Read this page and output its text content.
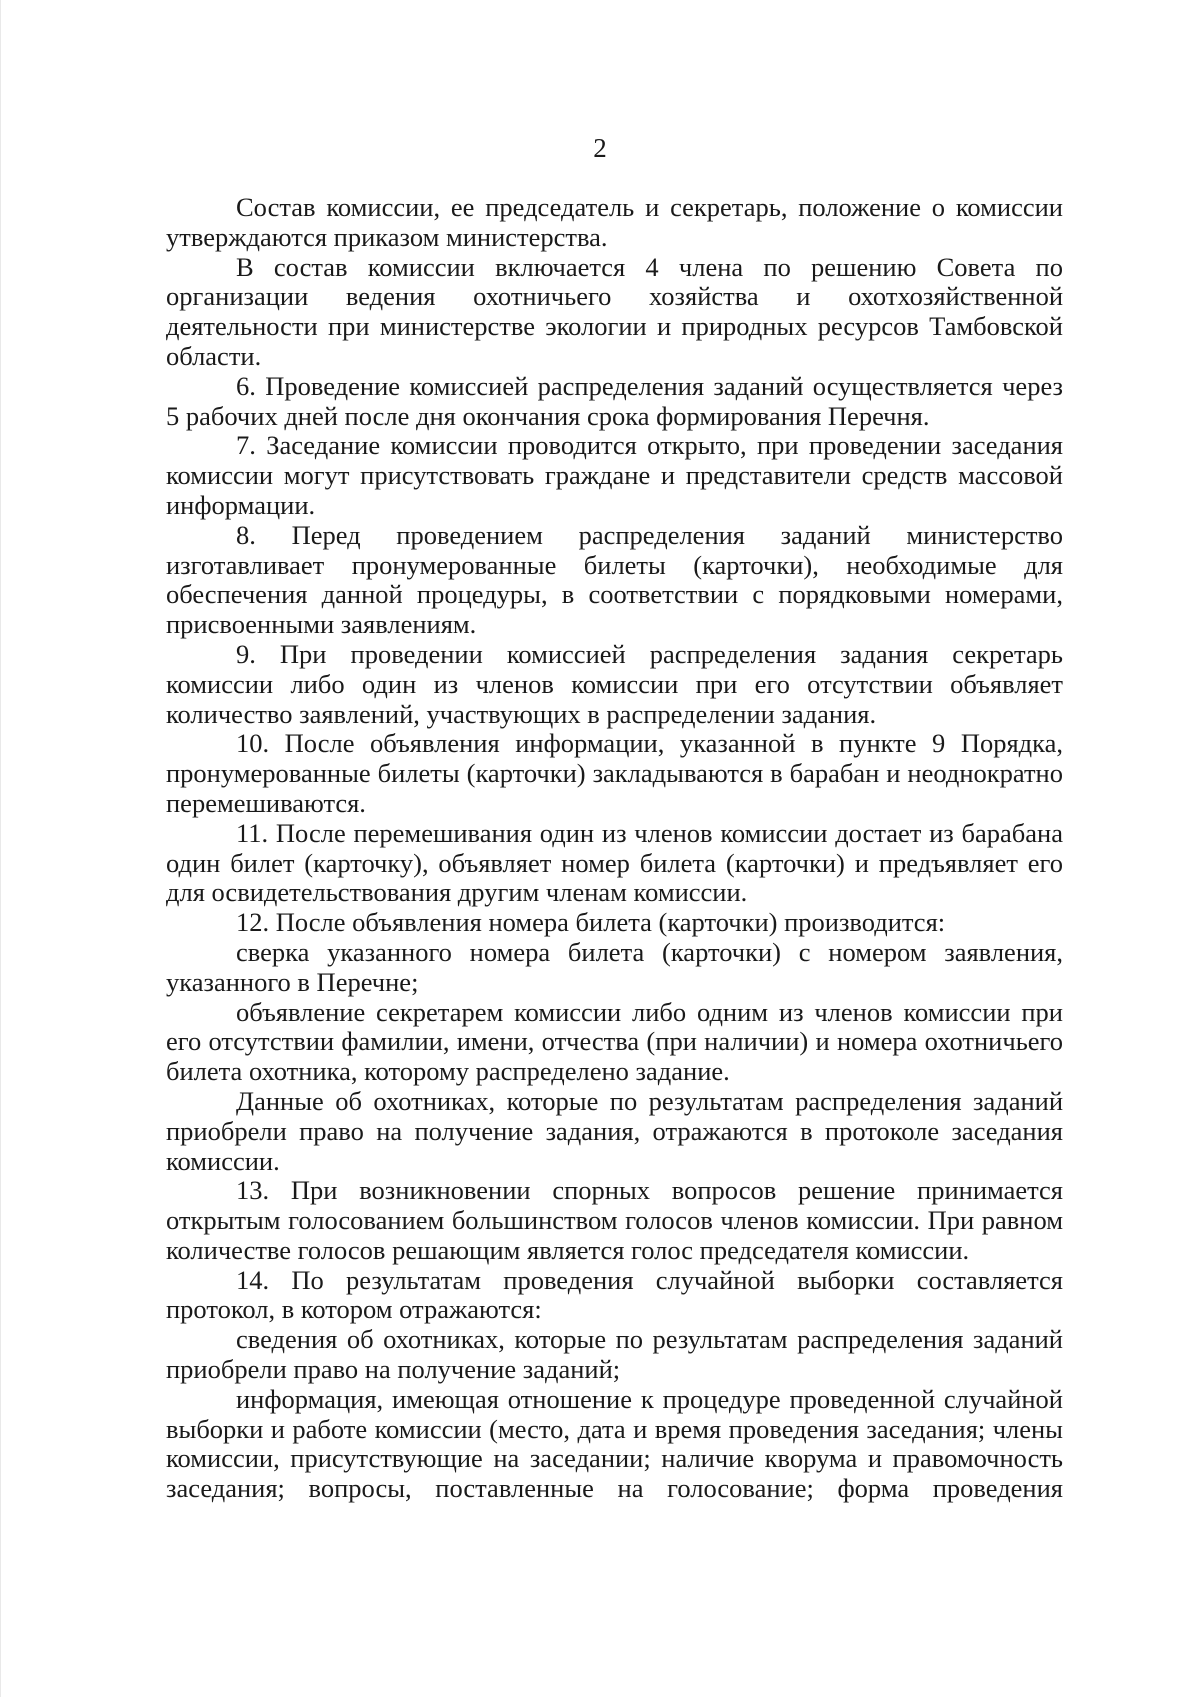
2

Состав комиссии, ее председатель и секретарь, положение о комиссии утверждаются приказом министерства.

В состав комиссии включается 4 члена по решению Совета по организации ведения охотничьего хозяйства и охотхозяйственной деятельности при министерстве экологии и природных ресурсов Тамбовской области.

6. Проведение комиссией распределения заданий осуществляется через 5 рабочих дней после дня окончания срока формирования Перечня.

7. Заседание комиссии проводится открыто, при проведении заседания комиссии могут присутствовать граждане и представители средств массовой информации.

8. Перед проведением распределения заданий министерство изготавливает пронумерованные билеты (карточки), необходимые для обеспечения данной процедуры, в соответствии с порядковыми номерами, присвоенными заявлениям.

9. При проведении комиссией распределения задания секретарь комиссии либо один из членов комиссии при его отсутствии объявляет количество заявлений, участвующих в распределении задания.

10. После объявления информации, указанной в пункте 9 Порядка, пронумерованные билеты (карточки) закладываются в барабан и неоднократно перемешиваются.

11. После перемешивания один из членов комиссии достает из барабана один билет (карточку), объявляет номер билета (карточки) и предъявляет его для освидетельствования другим членам комиссии.

12. После объявления номера билета (карточки) производится:

сверка указанного номера билета (карточки) с номером заявления, указанного в Перечне;

объявление секретарем комиссии либо одним из членов комиссии при его отсутствии фамилии, имени, отчества (при наличии) и номера охотничьего билета охотника, которому распределено задание.

Данные об охотниках, которые по результатам распределения заданий приобрели право на получение задания, отражаются в протоколе заседания комиссии.

13. При возникновении спорных вопросов решение принимается открытым голосованием большинством голосов членов комиссии. При равном количестве голосов решающим является голос председателя комиссии.

14. По результатам проведения случайной выборки составляется протокол, в котором отражаются:

сведения об охотниках, которые по результатам распределения заданий приобрели право на получение заданий;

информация, имеющая отношение к процедуре проведенной случайной выборки и работе комиссии (место, дата и время проведения заседания; члены комиссии, присутствующие на заседании; наличие кворума и правомочность заседания; вопросы, поставленные на голосование; форма проведения
